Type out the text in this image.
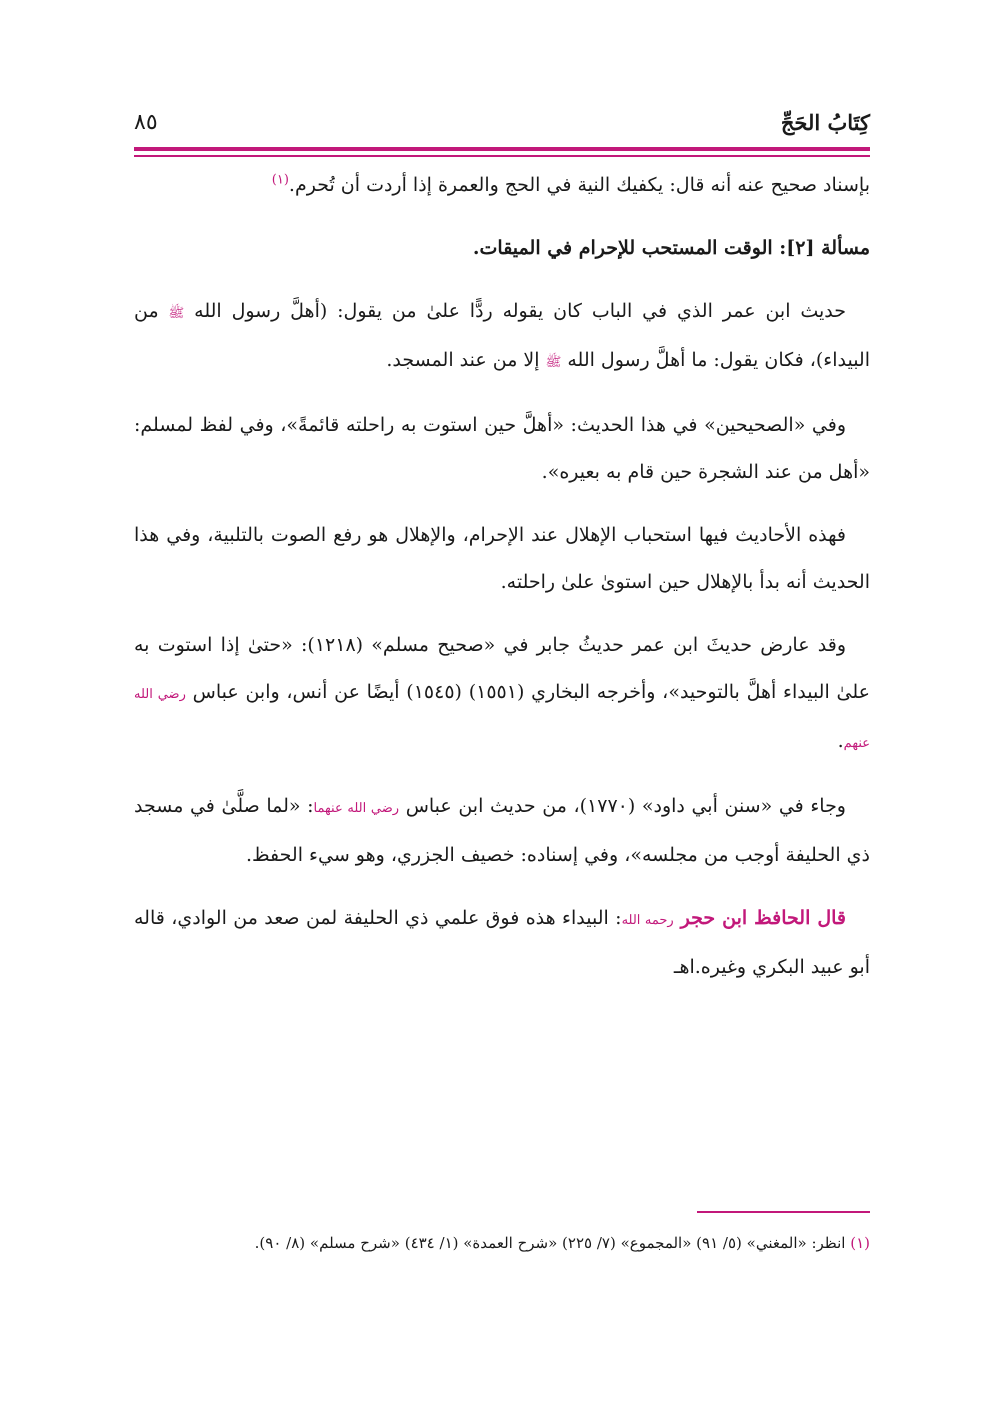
كِتَابُ الحَجِّ
٨٥

بإسناد صحيح عنه أنه قال: يكفيك النية في الحج والعمرة إذا أردت أن تُحرم.$^{(١)}$

مسألة [٢]: الوقت المستحب للإحرام في الميقات.

حديث ابن عمر الذي في الباب كان يقوله ردًّا علىٰ من يقول: (أهلَّ رسول الله ﷺ من البيداء)، فكان يقول: ما أهلَّ رسول الله ﷺ إلا من عند المسجد.

وفي «الصحيحين» في هذا الحديث: «أهلَّ حين استوت به راحلته قائمةً»، وفي لفظ لمسلم: «أهل من عند الشجرة حين قام به بعيره».

فهذه الأحاديث فيها استحباب الإهلال عند الإحرام، والإهلال هو رفع الصوت بالتلبية، وفي هذا الحديث أنه بدأ بالإهلال حين استوىٰ علىٰ راحلته.

وقد عارض حديثَ ابن عمر حديثُ جابر في «صحيح مسلم» (١٢١٨): «حتىٰ إذا استوت به علىٰ البيداء أهلَّ بالتوحيد»، وأخرجه البخاري (١٥٥١) (١٥٤٥) أيضًا عن أنس، وابن عباس رضي الله عنهم.

وجاء في «سنن أبي داود» (١٧٧٠)، من حديث ابن عباس رضي الله عنهما: «لما صلَّىٰ في مسجد ذي الحليفة أوجب من مجلسه»، وفي إسناده: خصيف الجزري، وهو سيء الحفظ.

قال الحافظ ابن حجر رحمه الله: البيداء هذه فوق علمي ذي الحليفة لمن صعد من الوادي، قاله أبو عبيد البكري وغيره.اهـ

(١) انظر: «المغني» (٥/ ٩١) «المجموع» (٧/ ٢٢٥) «شرح العمدة» (١/ ٤٣٤) «شرح مسلم» (٨/ ٩٠).
